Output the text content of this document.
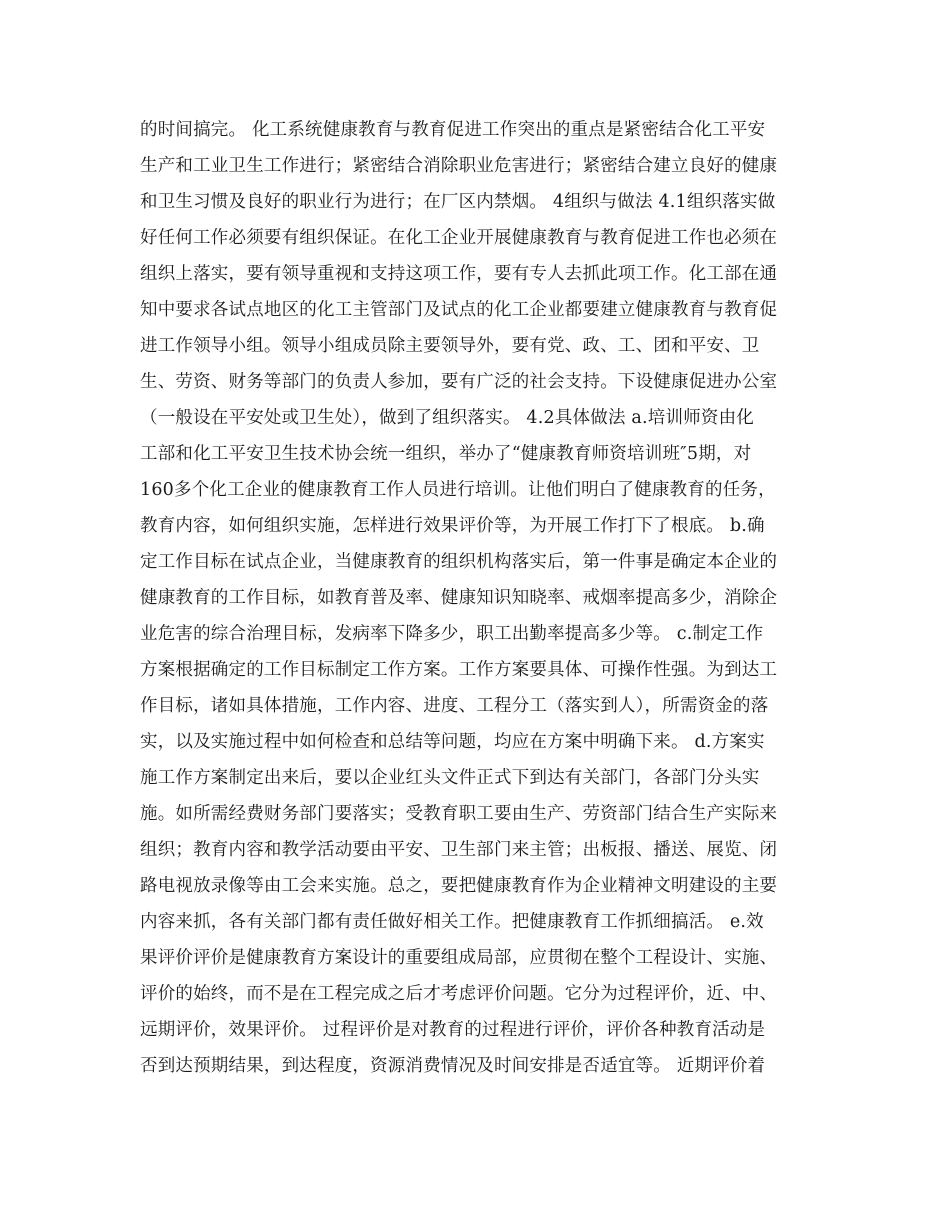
的时间搞完。 化工系统健康教育与教育促进工作突出的重点是紧密结合化工平安
生产和工业卫生工作进行；紧密结合消除职业危害进行；紧密结合建立良好的健康
和卫生习惯及良好的职业行为进行；在厂区内禁烟。 4组织与做法 4.1组织落实做
好任何工作必须要有组织保证。在化工企业开展健康教育与教育促进工作也必须在
组织上落实，要有领导重视和支持这项工作，要有专人去抓此项工作。化工部在通
知中要求各试点地区的化工主管部门及试点的化工企业都要建立健康教育与教育促
进工作领导小组。领导小组成员除主要领导外，要有党、政、工、团和平安、卫
生、劳资、财务等部门的负责人参加，要有广泛的社会支持。下设健康促进办公室
（一般设在平安处或卫生处），做到了组织落实。 4.2具体做法 a.培训师资由化
工部和化工平安卫生技术协会统一组织，举办了“健康教育师资培训班″5期，对
160多个化工企业的健康教育工作人员进行培训。让他们明白了健康教育的任务，
教育内容，如何组织实施，怎样进行效果评价等，为开展工作打下了根底。 b.确
定工作目标在试点企业，当健康教育的组织机构落实后，第一件事是确定本企业的
健康教育的工作目标，如教育普及率、健康知识知晓率、戒烟率提高多少，消除企
业危害的综合治理目标，发病率下降多少，职工出勤率提高多少等。 c.制定工作
方案根据确定的工作目标制定工作方案。工作方案要具体、可操作性强。为到达工
作目标，诸如具体措施，工作内容、进度、工程分工（落实到人），所需资金的落
实，以及实施过程中如何检查和总结等问题，均应在方案中明确下来。 d.方案实
施工作方案制定出来后，要以企业红头文件正式下到达有关部门，各部门分头实
施。如所需经费财务部门要落实；受教育职工要由生产、劳资部门结合生产实际来
组织；教育内容和教学活动要由平安、卫生部门来主管；出板报、播送、展览、闭
路电视放录像等由工会来实施。总之，要把健康教育作为企业精神文明建设的主要
内容来抓，各有关部门都有责任做好相关工作。把健康教育工作抓细搞活。 e.效
果评价评价是健康教育方案设计的重要组成局部，应贯彻在整个工程设计、实施、
评价的始终，而不是在工程完成之后才考虑评价问题。它分为过程评价，近、中、
远期评价，效果评价。 过程评价是对教育的过程进行评价，评价各种教育活动是
否到达预期结果，到达程度，资源消费情况及时间安排是否适宜等。 近期评价着
